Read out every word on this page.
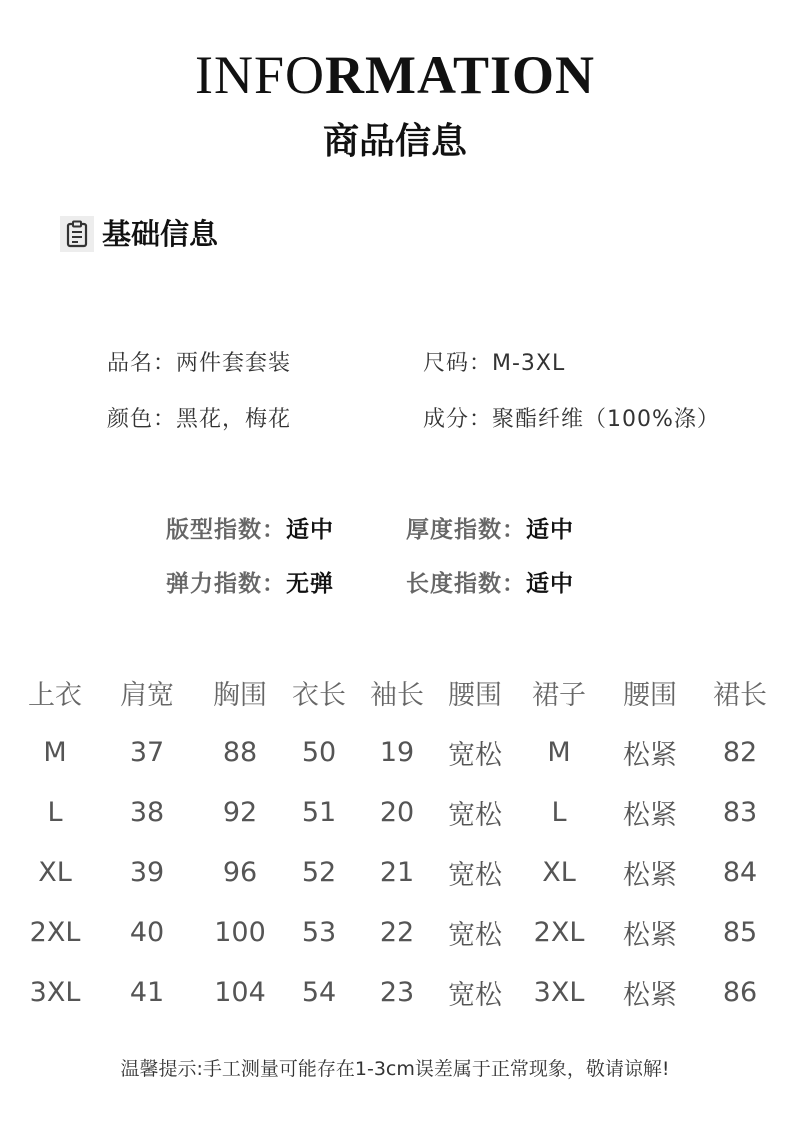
INFORMATION
商品信息
基础信息
品名：两件套套装	尺码：M-3XL
颜色：黑花，梅花	成分：聚酯纤维（100%涤）
版型指数：适中	厚度指数：适中
弹力指数：无弹	长度指数：适中
上衣	肩宽	胸围	衣长	袖长	腰围	裙子	腰围	裙长
M	37	88	50	19	宽松	M	松紧	82
L	38	92	51	20	宽松	L	松紧	83
XL	39	96	52	21	宽松	XL	松紧	84
2XL	40	100	53	22	宽松	2XL	松紧	85
3XL	41	104	54	23	宽松	3XL	松紧	86
温馨提示:手工测量可能存在1-3cm误差属于正常现象，敬请谅解!
